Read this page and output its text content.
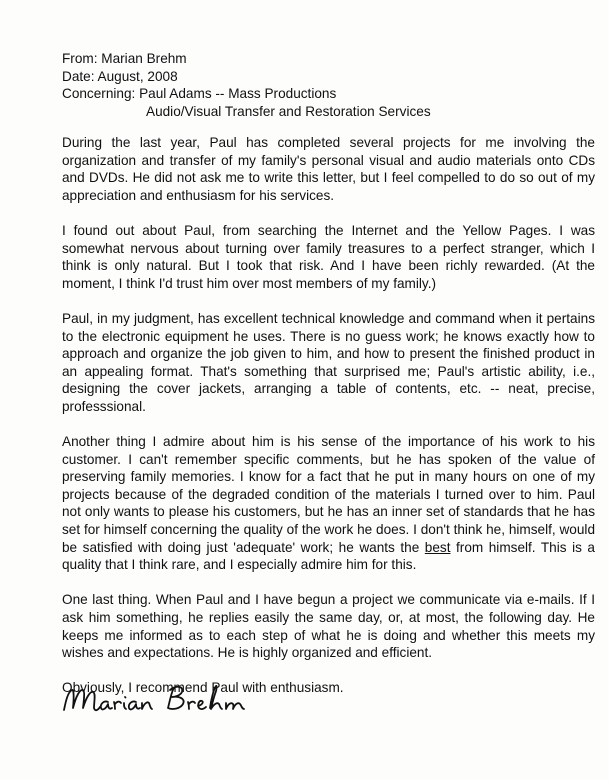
From: Marian Brehm
Date: August, 2008
Concerning: Paul Adams -- Mass Productions
Audio/Visual Transfer and Restoration Services

During the last year, Paul has completed several projects for me involving the organization and transfer of my family's personal visual and audio materials onto CDs and DVDs. He did not ask me to write this letter, but I feel compelled to do so out of my appreciation and enthusiasm for his services.

I found out about Paul, from searching the Internet and the Yellow Pages. I was somewhat nervous about turning over family treasures to a perfect stranger, which I think is only natural. But I took that risk. And I have been richly rewarded. (At the moment, I think I'd trust him over most members of my family.)

Paul, in my judgment, has excellent technical knowledge and command when it pertains to the electronic equipment he uses. There is no guess work; he knows exactly how to approach and organize the job given to him, and how to present the finished product in an appealing format. That's something that surprised me; Paul's artistic ability, i.e., designing the cover jackets, arranging a table of contents, etc. -- neat, precise, professsional.

Another thing I admire about him is his sense of the importance of his work to his customer. I can't remember specific comments, but he has spoken of the value of preserving family memories. I know for a fact that he put in many hours on one of my projects because of the degraded condition of the materials I turned over to him. Paul not only wants to please his customers, but he has an inner set of standards that he has set for himself concerning the quality of the work he does. I don't think he, himself, would be satisfied with doing just 'adequate' work; he wants the best from himself. This is a quality that I think rare, and I especially admire him for this.

One last thing. When Paul and I have begun a project we communicate via e-mails. If I ask him something, he replies easily the same day, or, at most, the following day. He keeps me informed as to each step of what he is doing and whether this meets my wishes and expectations. He is highly organized and efficient.

Obviously, I recommend Paul with enthusiasm.
